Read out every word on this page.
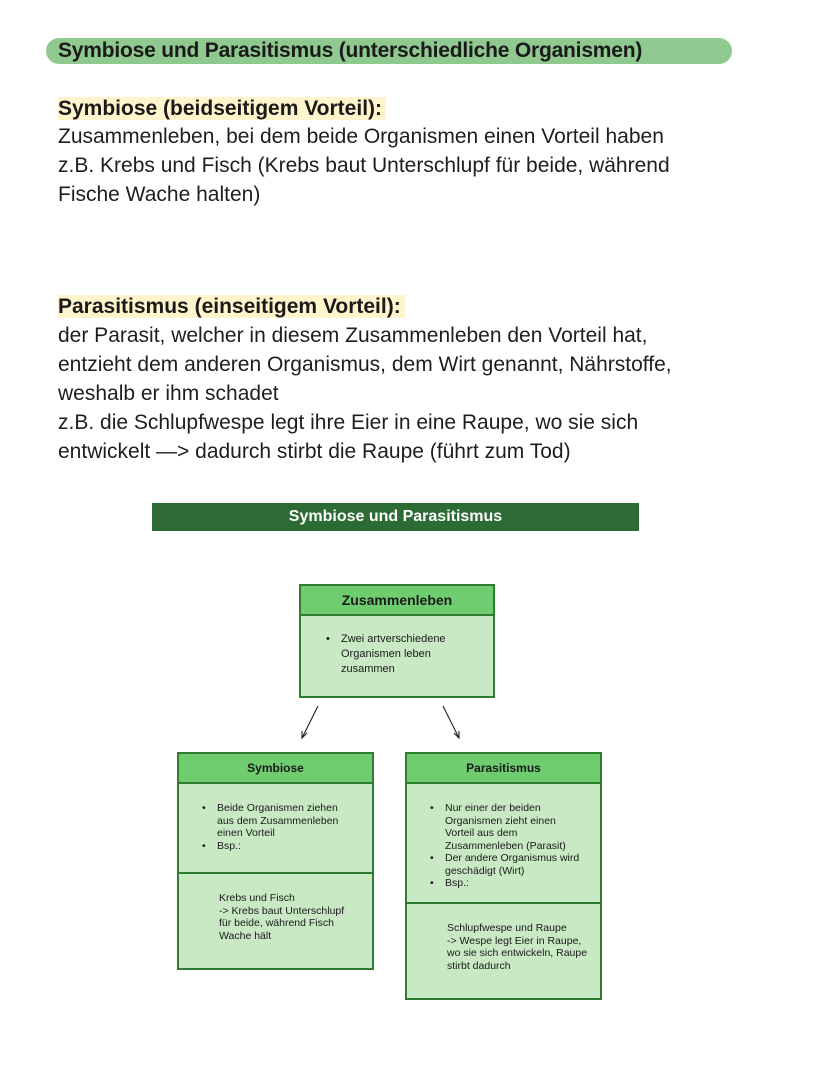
Symbiose und Parasitismus (unterschiedliche Organismen)
Symbiose (beidseitigem Vorteil):
Zusammenleben, bei dem beide Organismen einen Vorteil haben
z.B. Krebs und Fisch (Krebs baut Unterschlupf für beide, während
Fische Wache halten)
Parasitismus (einseitigem Vorteil):
der Parasit, welcher in diesem Zusammenleben den Vorteil hat,
entzieht dem anderen Organismus, dem Wirt genannt, Nährstoffe,
weshalb er ihm schadet
z.B. die Schlupfwespe legt ihre Eier in eine Raupe, wo sie sich
entwickelt —> dadurch stirbt die Raupe (führt zum Tod)
Symbiose und Parasitismus
Zusammenleben
• Zwei artverschiedene
Organismen leben
zusammen
Symbiose
• Beide Organismen ziehen
aus dem Zusammenleben
einen Vorteil
• Bsp.:
Krebs und Fisch
-> Krebs baut Unterschlupf
für beide, während Fisch
Wache hält
Parasitismus
• Nur einer der beiden
Organismen zieht einen
Vorteil aus dem
Zusammenleben (Parasit)
• Der andere Organismus wird
geschädigt (Wirt)
• Bsp.:
Schlupfwespe und Raupe
-> Wespe legt Eier in Raupe,
wo sie sich entwickeln, Raupe
stirbt dadurch
